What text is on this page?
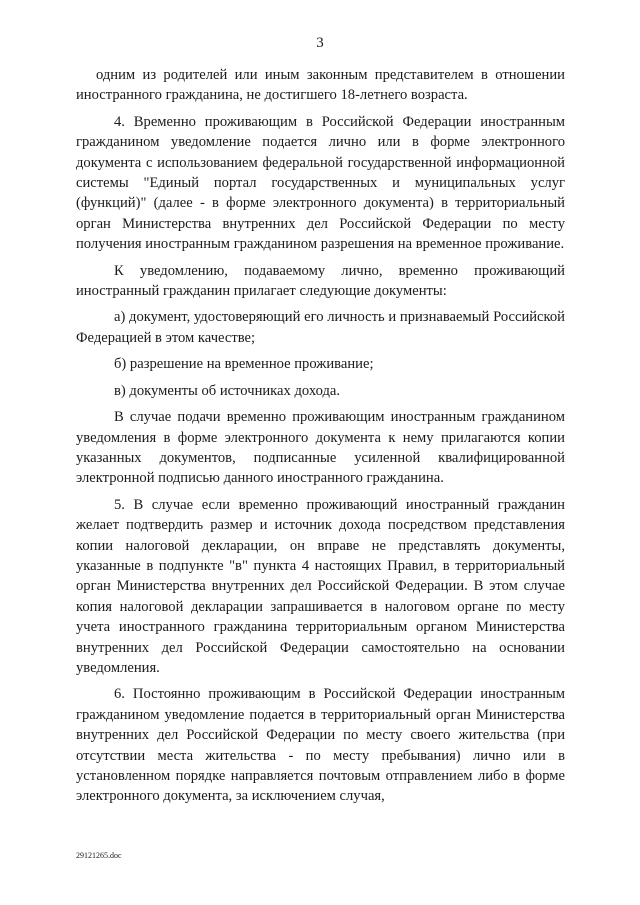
3

одним из родителей или иным законным представителем в отношении иностранного гражданина, не достигшего 18-летнего возраста.

4. Временно проживающим в Российской Федерации иностранным гражданином уведомление подается лично или в форме электронного документа с использованием федеральной государственной информационной системы "Единый портал государственных и муниципальных услуг (функций)" (далее - в форме электронного документа) в территориальный орган Министерства внутренних дел Российской Федерации по месту получения иностранным гражданином разрешения на временное проживание.

К уведомлению, подаваемому лично, временно проживающий иностранный гражданин прилагает следующие документы:

а) документ, удостоверяющий его личность и признаваемый Российской Федерацией в этом качестве;

б) разрешение на временное проживание;

в) документы об источниках дохода.

В случае подачи временно проживающим иностранным гражданином уведомления в форме электронного документа к нему прилагаются копии указанных документов, подписанные усиленной квалифицированной электронной подписью данного иностранного гражданина.

5. В случае если временно проживающий иностранный гражданин желает подтвердить размер и источник дохода посредством представления копии налоговой декларации, он вправе не представлять документы, указанные в подпункте "в" пункта 4 настоящих Правил, в территориальный орган Министерства внутренних дел Российской Федерации. В этом случае копия налоговой декларации запрашивается в налоговом органе по месту учета иностранного гражданина территориальным органом Министерства внутренних дел Российской Федерации самостоятельно на основании уведомления.

6. Постоянно проживающим в Российской Федерации иностранным гражданином уведомление подается в территориальный орган Министерства внутренних дел Российской Федерации по месту своего жительства (при отсутствии места жительства - по месту пребывания) лично или в установленном порядке направляется почтовым отправлением либо в форме электронного документа, за исключением случая,

29121265.doc
